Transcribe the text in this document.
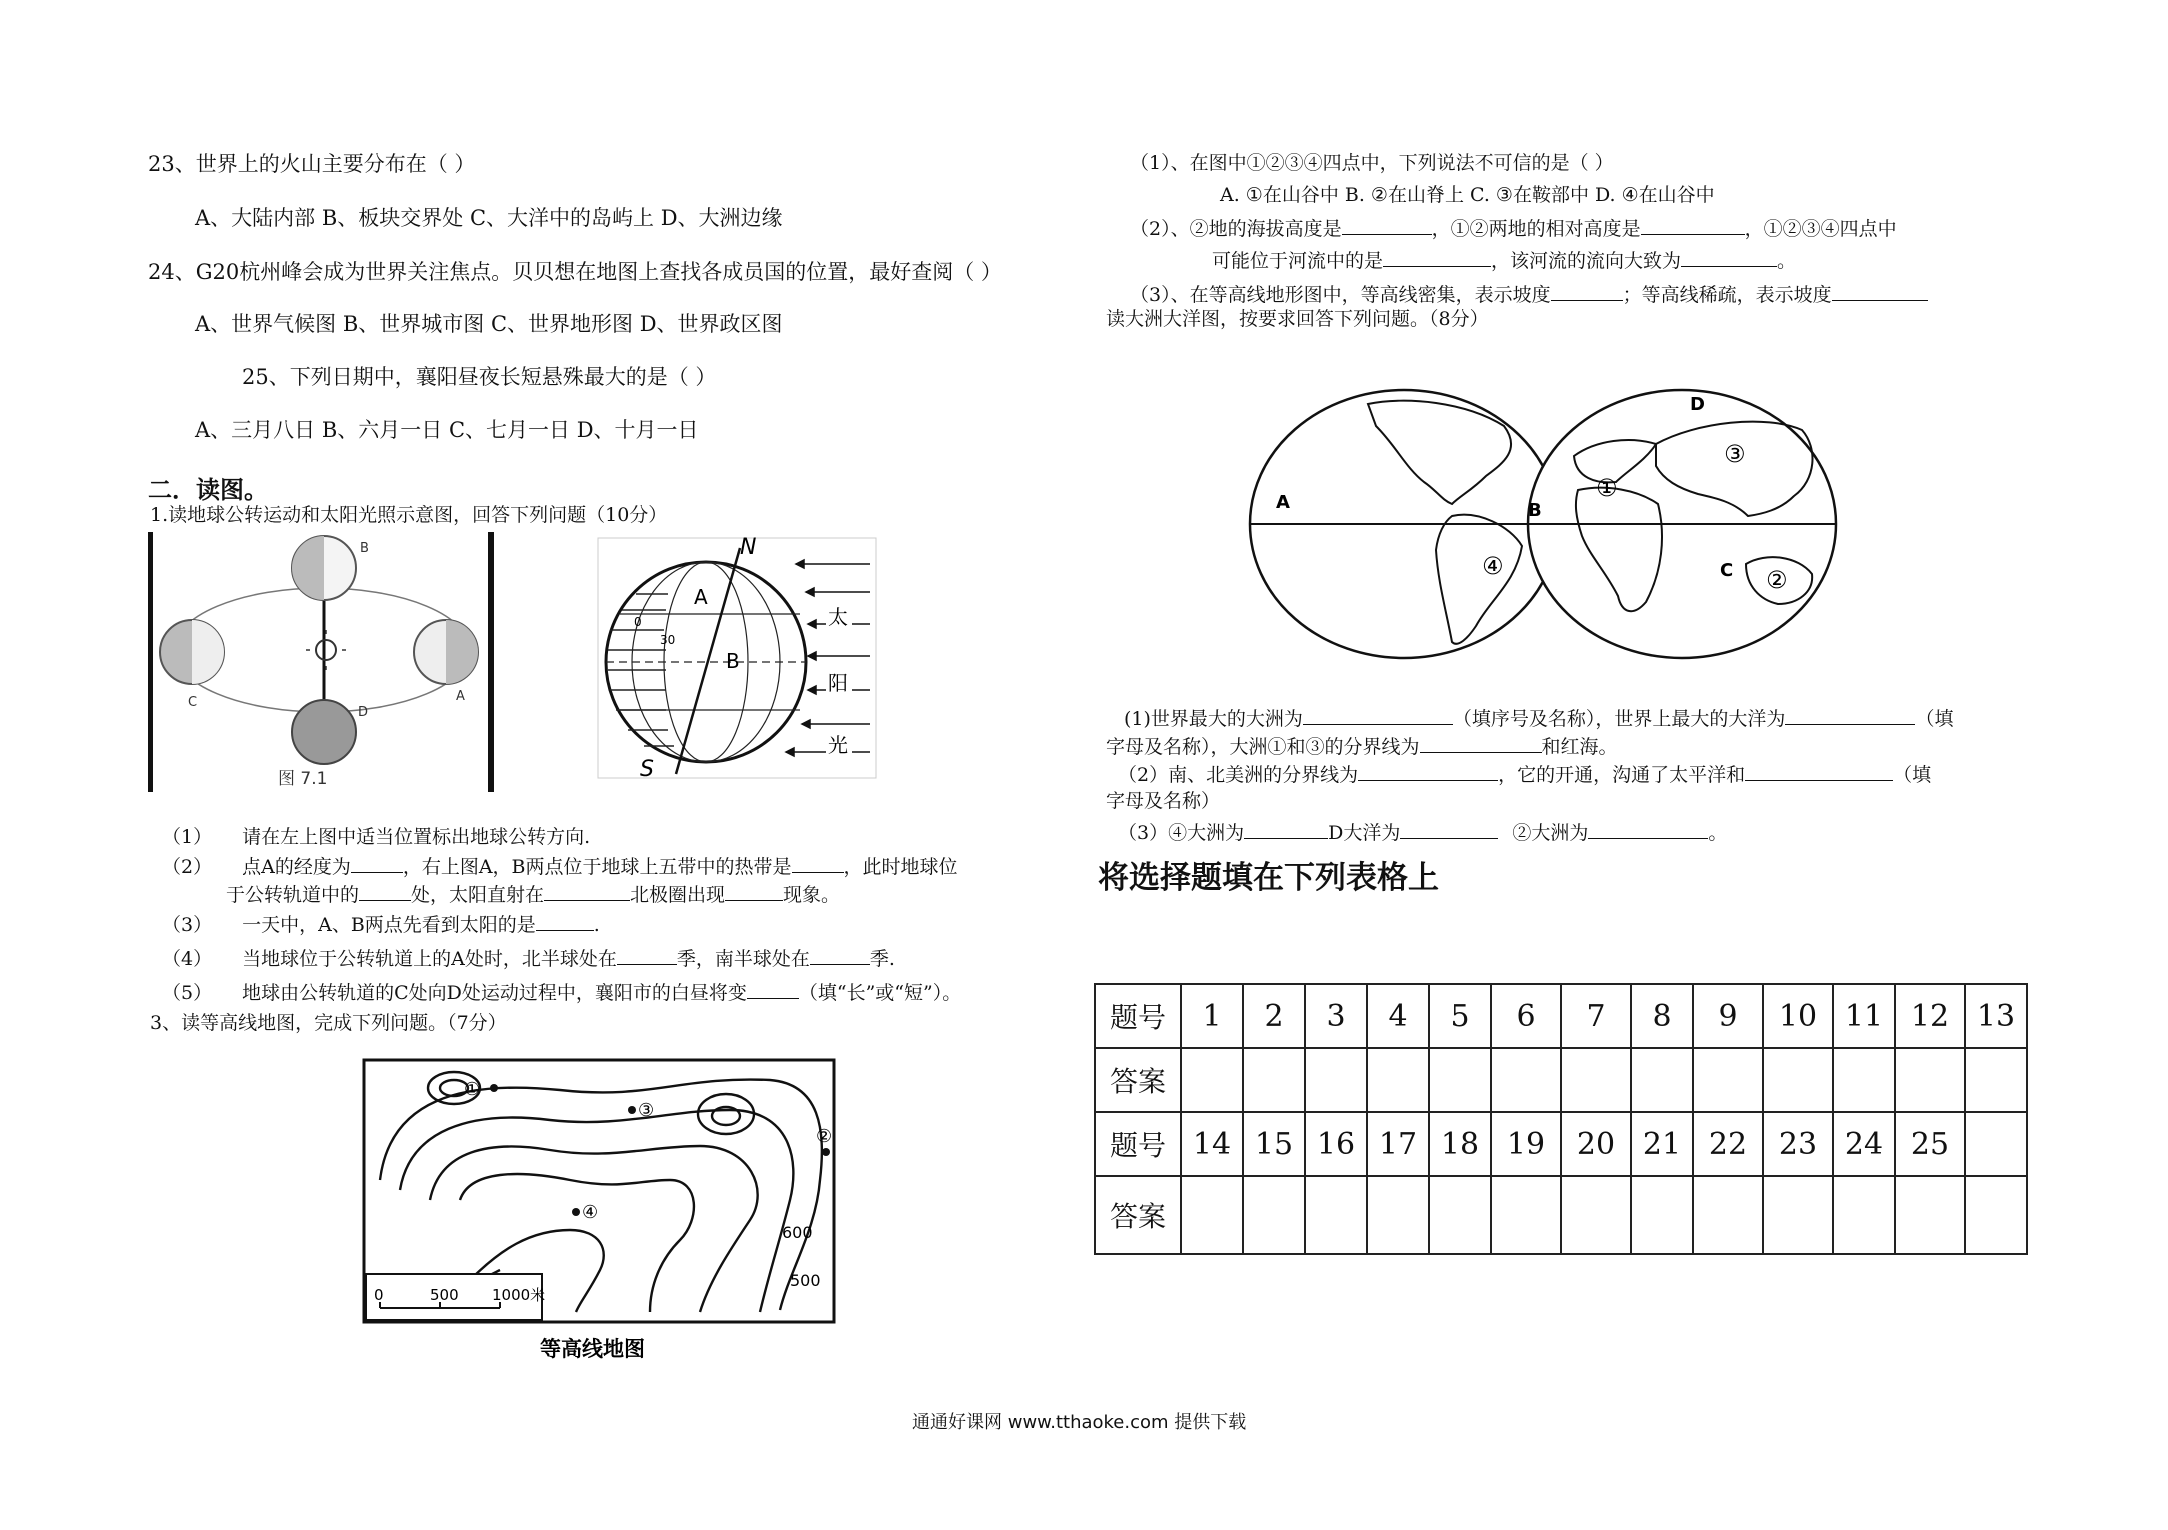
23、世界上的火山主要分布在（ ）
A、大陆内部 B、板块交界处 C、大洋中的岛屿上 D、大洲边缘
24、G20杭州峰会成为世界关注焦点。贝贝想在地图上查找各成员国的位置，最好查阅（ ）
A、世界气候图 B、世界城市图 C、世界地形图 D、世界政区图
25、下列日期中，襄阳昼夜长短悬殊最大的是（ ）
A、三月八日 B、六月一日 C、七月一日 D、十月一日
二．读图。
1.读地球公转运动和太阳光照示意图，回答下列问题（10分）
B
D
C	A
图 7.1
N
S
A
B
0
30
太
阳
光
（1） 请在左上图中适当位置标出地球公转方向.
（2） 点A的经度为	，右上图A，B两点位于地球上五带中的热带是	，此时地球位
于公转轨道中的	处，太阳直射在	北极圈出现	现象。
（3） 一天中，A、B两点先看到太阳的是	.
（4） 当地球位于公转轨道上的A处时，北半球处在	季，南半球处在	季.
（5） 地球由公转轨道的C处向D处运动过程中，襄阳市的白昼将变	（填“长”或“短”）。
3、读等高线地图，完成下列问题。（7分）
①
③
②
④
600
500
0	500 1000米
等高线地图
（1）、在图中①②③④四点中，下列说法不可信的是（ ）
A. ①在山谷中 B. ②在山脊上 C. ③在鞍部中 D. ④在山谷中
（2）、②地的海拔高度是	，①②两地的相对高度是	，①②③④四点中
可能位于河流中的是	，该河流的流向大致为	。
（3）、在等高线地形图中，等高线密集，表示坡度	；等高线稀疏，表示坡度
读大洲大洋图，按要求回答下列问题。（8分）
A	B
C
D
①
②
③
④
(1)世界最大的大洲为	（填序号及名称），世界上最大的大洋为	（填
字母及名称），大洲①和③的分界线为	和红海。
（2）南、北美洲的分界线为	，它的开通，沟通了太平洋和	（填
字母及名称）
（3）④大洲为	D大洋为	②大洲为	。
将选择题填在下列表格上
题号	1	2	3	4	5	6	7	8	9	10	11	12	13
答案													
题号	14	15	16	17	18	19	20	21	22	23	24	25	
答案													
通通好课网 www.tthaoke.com 提供下载
